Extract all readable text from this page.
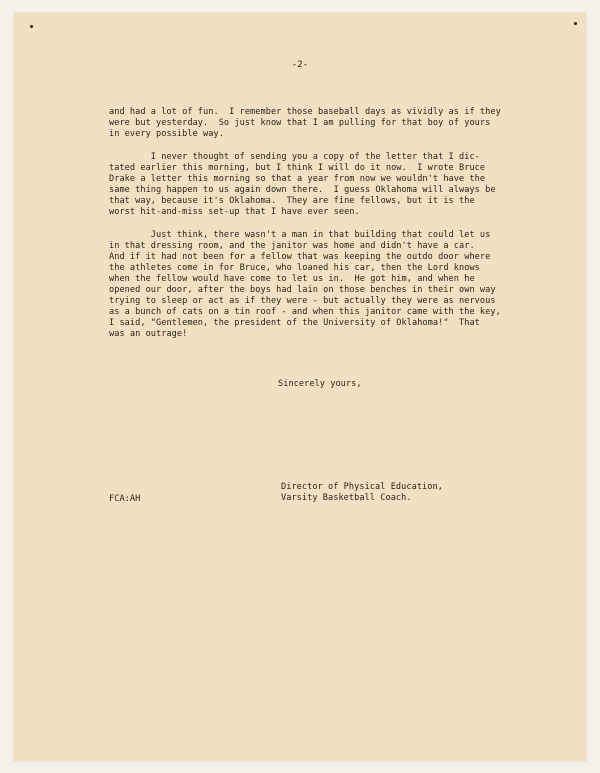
-2-
and had a lot of fun.  I remember those baseball days as vividly as if they
were but yesterday.  So just know that I am pulling for that boy of yours
in every possible way.
I never thought of sending you a copy of the letter that I dic-
tated earlier this morning, but I think I will do it now.  I wrote Bruce
Drake a letter this morning so that a year from now we wouldn't have the
same thing happen to us again down there.  I guess Oklahoma will always be
that way, because it's Oklahoma.  They are fine fellows, but it is the
worst hit-and-miss set-up that I have ever seen.
Just think, there wasn't a man in that building that could let us
in that dressing room, and the janitor was home and didn't have a car.
And if it had not been for a fellow that was keeping the outdo door where
the athletes come in for Bruce, who loaned his car, then the Lord knows
when the fellow would have come to let us in.  He got him, and when he
opened our door, after the boys had lain on those benches in their own way
trying to sleep or act as if they were - but actually they were as nervous
as a bunch of cats on a tin roof - and when this janitor came with the key,
I said, "Gentlemen, the president of the University of Oklahoma!"  That
was an outrage!
Sincerely yours,
Director of Physical Education,
Varsity Basketball Coach.
FCA:AH
